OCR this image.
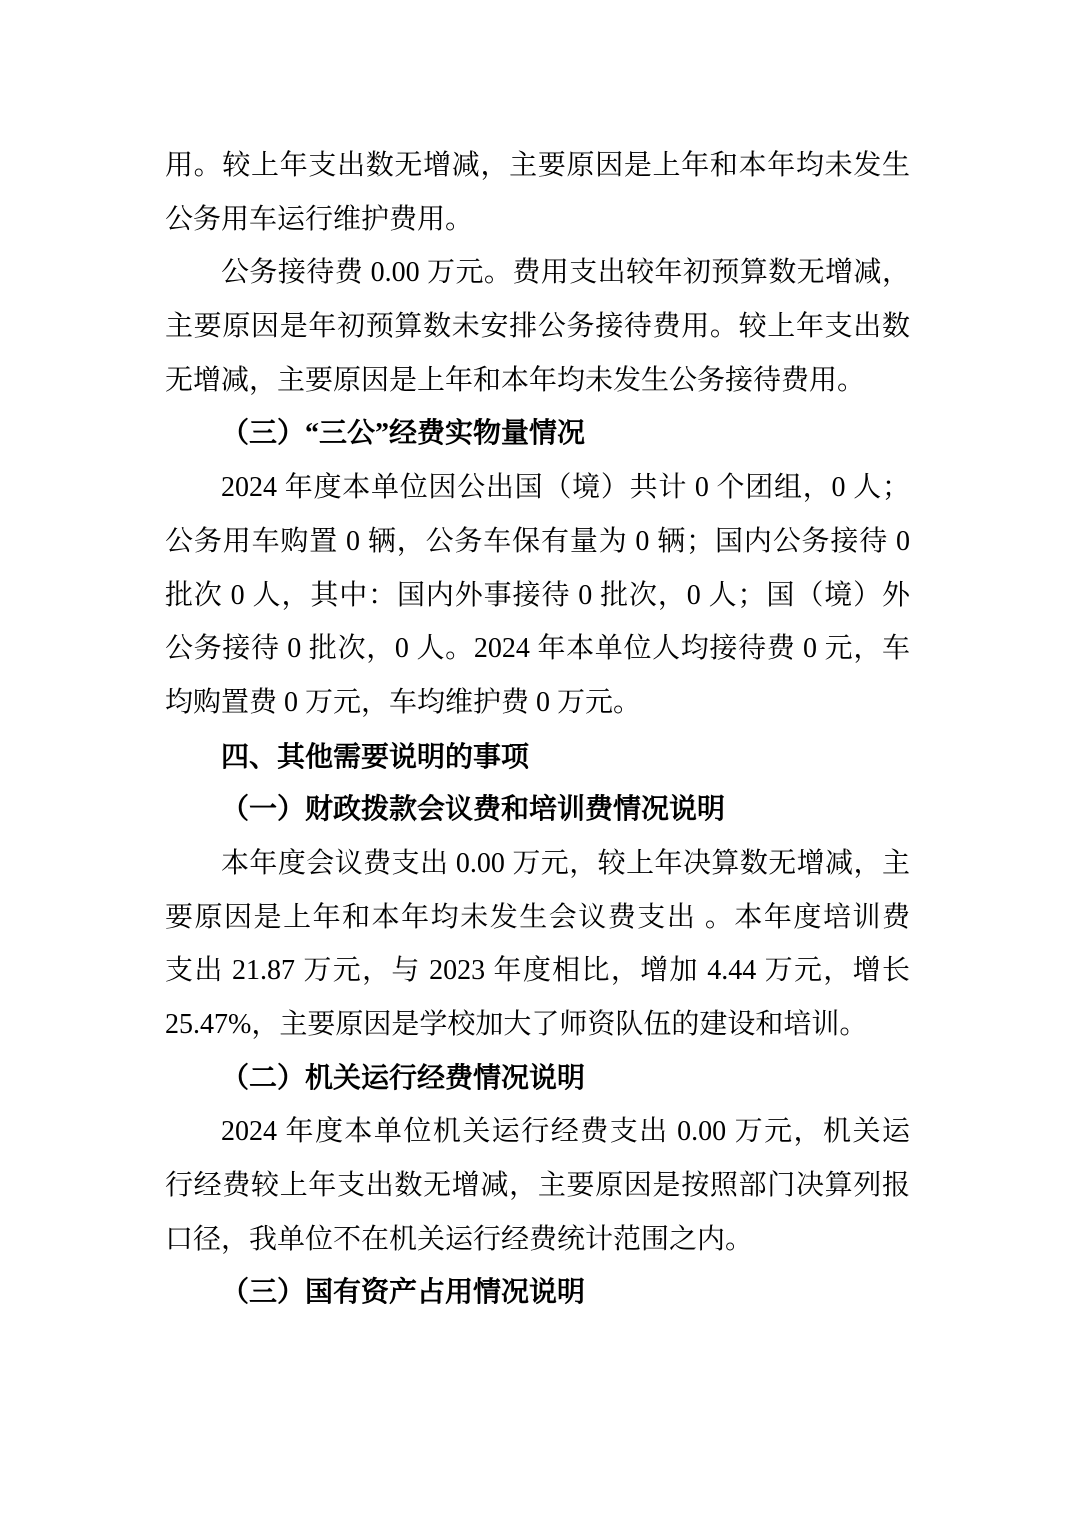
用。较上年支出数无增减，主要原因是上年和本年均未发生
公务用车运行维护费用。
公务接待费 0.00 万元。费用支出较年初预算数无增减，
主要原因是年初预算数未安排公务接待费用。较上年支出数
无增减，主要原因是上年和本年均未发生公务接待费用。
（三）“三公”经费实物量情况
2024 年度本单位因公出国（境）共计 0 个团组，0 人；
公务用车购置 0 辆，公务车保有量为 0 辆；国内公务接待 0
批次 0 人，其中：国内外事接待 0 批次，0 人；国（境）外
公务接待 0 批次，0 人。2024 年本单位人均接待费 0 元，车
均购置费 0 万元，车均维护费 0 万元。
四、其他需要说明的事项
（一）财政拨款会议费和培训费情况说明
本年度会议费支出 0.00 万元，较上年决算数无增减，主
要原因是上年和本年均未发生会议费支出 。本年度培训费
支出 21.87 万元，与 2023 年度相比，增加 4.44 万元，增长
25.47%，主要原因是学校加大了师资队伍的建设和培训。
（二）机关运行经费情况说明
2024 年度本单位机关运行经费支出 0.00 万元，机关运
行经费较上年支出数无增减，主要原因是按照部门决算列报
口径，我单位不在机关运行经费统计范围之内。
（三）国有资产占用情况说明
